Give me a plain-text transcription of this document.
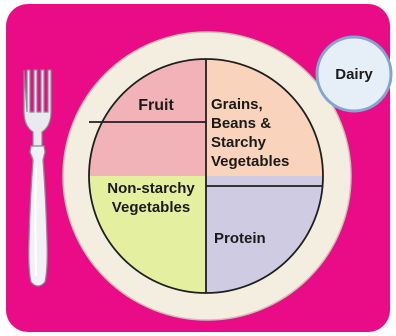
Fruit Grains, Beans & Starchy Vegetables
Non-starchy Vegetables
Protein
Dairy
